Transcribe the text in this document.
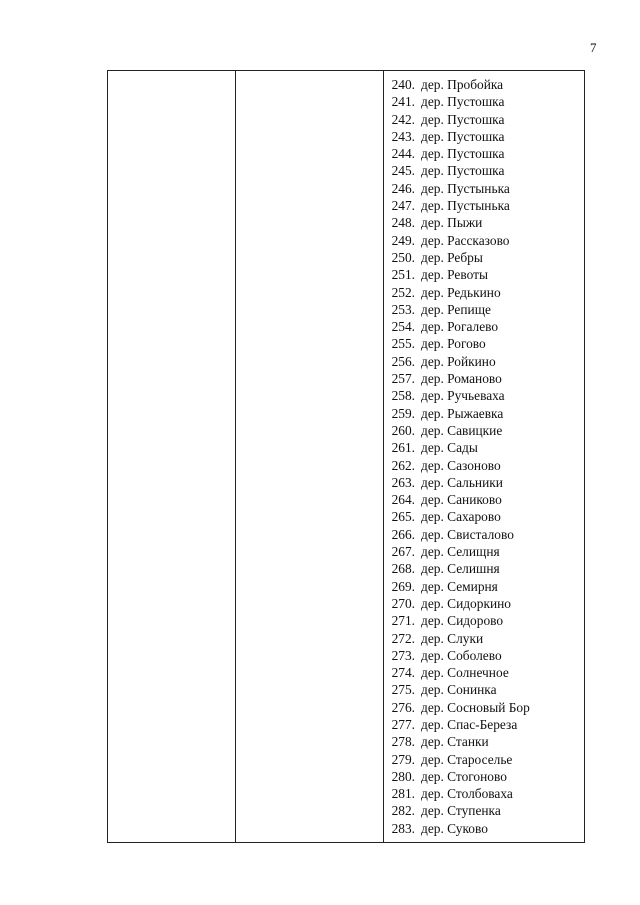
7
240. дер. Пробойка
241. дер. Пустошка
242. дер. Пустошка
243. дер. Пустошка
244. дер. Пустошка
245. дер. Пустошка
246. дер. Пустынька
247. дер. Пустынька
248. дер. Пыжи
249. дер. Рассказово
250. дер. Ребры
251. дер. Ревоты
252. дер. Редькино
253. дер. Репище
254. дер. Рогалево
255. дер. Рогово
256. дер. Ройкино
257. дер. Романово
258. дер. Ручьеваха
259. дер. Рыжаевка
260. дер. Савицкие
261. дер. Сады
262. дер. Сазоново
263. дер. Сальники
264. дер. Саниково
265. дер. Сахарово
266. дер. Свисталово
267. дер. Селищня
268. дер. Селишня
269. дер. Семирня
270. дер. Сидоркино
271. дер. Сидорово
272. дер. Слуки
273. дер. Соболево
274. дер. Солнечное
275. дер. Сонинка
276. дер. Сосновый Бор
277. дер. Спас-Береза
278. дер. Станки
279. дер. Староселье
280. дер. Стогоново
281. дер. Столбоваха
282. дер. Ступенка
283. дер. Суково
